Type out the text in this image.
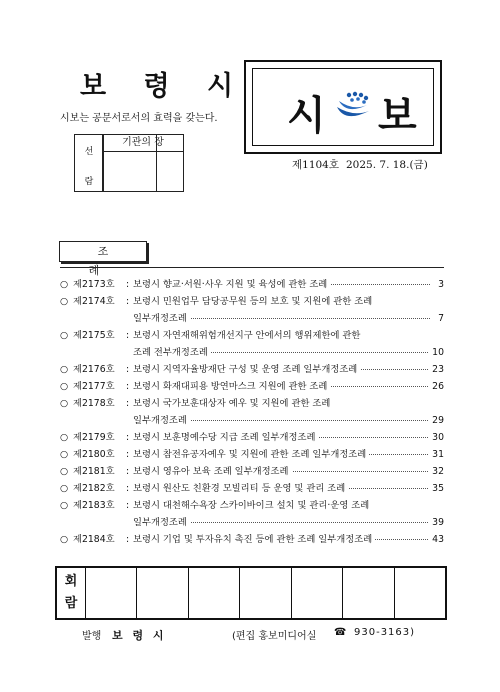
보 령 시
시보는 공문서로서의 효력을 갖는다.
선
람
기관의 장
시 보
제1104호 2025. 7. 18.(금)
조 례
○ 제2173호 : 보령시 향교·서원·사우 지원 및 육성에 관한 조례	3
○ 제2174호 : 보령시 민원업무 담당공무원 등의 보호 및 지원에 관한 조례
일부개정조례	7
○ 제2175호 : 보령시 자연재해위험개선지구 안에서의 행위제한에 관한
조례 전부개정조례	10
○ 제2176호 : 보령시 지역자율방재단 구성 및 운영 조례 일부개정조례	23
○ 제2177호 : 보령시 화재대피용 방연마스크 지원에 관한 조례	26
○ 제2178호 : 보령시 국가보훈대상자 예우 및 지원에 관한 조례
일부개정조례	29
○ 제2179호 : 보령시 보훈명예수당 지급 조례 일부개정조례	30
○ 제2180호 : 보령시 참전유공자예우 및 지원에 관한 조례 일부개정조례	31
○ 제2181호 : 보령시 영유아 보육 조례 일부개정조례	32
○ 제2182호 : 보령시 원산도 친환경 모빌리티 등 운영 및 관리 조례	35
○ 제2183호 : 보령시 대천해수욕장 스카이바이크 설치 및 관리·운영 조례
일부개정조례	39
○ 제2184호 : 보령시 기업 및 투자유치 촉진 등에 관한 조례 일부개정조례	43
회
람

발행 보 령 시	(편집 홍보미디어실 ☎ 930-3163)
